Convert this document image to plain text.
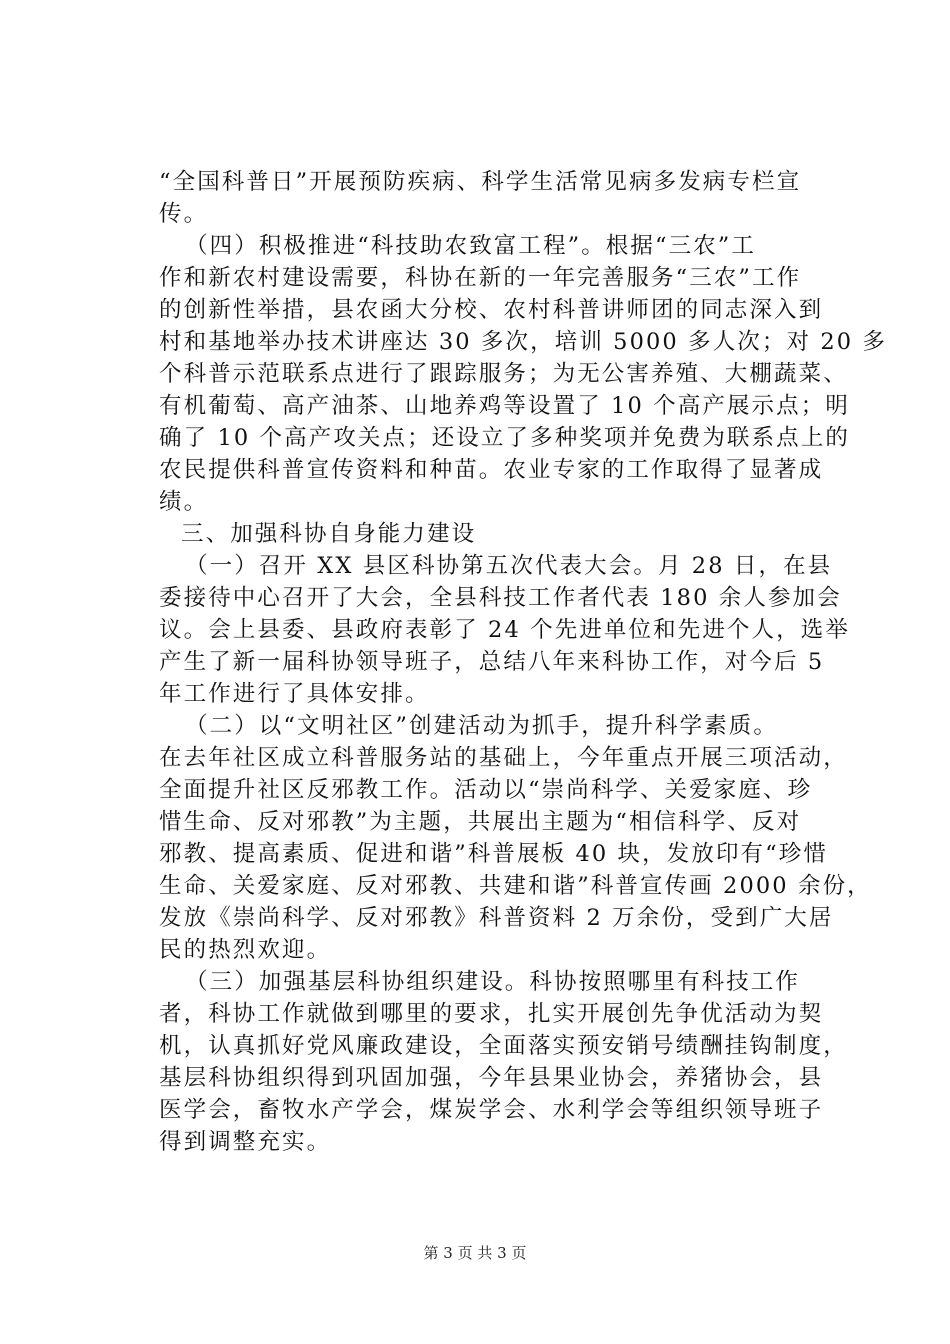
“全国科普日”开展预防疾病、科学生活常见病多发病专栏宣
传。
（四）积极推进“科技助农致富工程”。根据“三农”工
作和新农村建设需要，科协在新的一年完善服务“三农”工作
的创新性举措，县农函大分校、农村科普讲师团的同志深入到
村和基地举办技术讲座达 30 多次，培训 5000 多人次；对 20 多
个科普示范联系点进行了跟踪服务；为无公害养殖、大棚蔬菜、
有机葡萄、高产油茶、山地养鸡等设置了 10 个高产展示点；明
确了 10 个高产攻关点；还设立了多种奖项并免费为联系点上的
农民提供科普宣传资料和种苗。农业专家的工作取得了显著成
绩。
三、加强科协自身能力建设
（一）召开 XX 县区科协第五次代表大会。月 28 日，在县
委接待中心召开了大会，全县科技工作者代表 180 余人参加会
议。会上县委、县政府表彰了 24 个先进单位和先进个人，选举
产生了新一届科协领导班子，总结八年来科协工作，对今后 5
年工作进行了具体安排。
（二）以“文明社区”创建活动为抓手，提升科学素质。
在去年社区成立科普服务站的基础上，今年重点开展三项活动，
全面提升社区反邪教工作。活动以“崇尚科学、关爱家庭、珍
惜生命、反对邪教”为主题，共展出主题为“相信科学、反对
邪教、提高素质、促进和谐”科普展板 40 块，发放印有“珍惜
生命、关爱家庭、反对邪教、共建和谐”科普宣传画 2000 余份，
发放《崇尚科学、反对邪教》科普资料 2 万余份，受到广大居
民的热烈欢迎。
（三）加强基层科协组织建设。科协按照哪里有科技工作
者，科协工作就做到哪里的要求，扎实开展创先争优活动为契
机，认真抓好党风廉政建设，全面落实预安销号绩酬挂钩制度，
基层科协组织得到巩固加强，今年县果业协会，养猪协会，县
医学会，畜牧水产学会，煤炭学会、水利学会等组织领导班子
得到调整充实。
第 3 页 共 3 页
